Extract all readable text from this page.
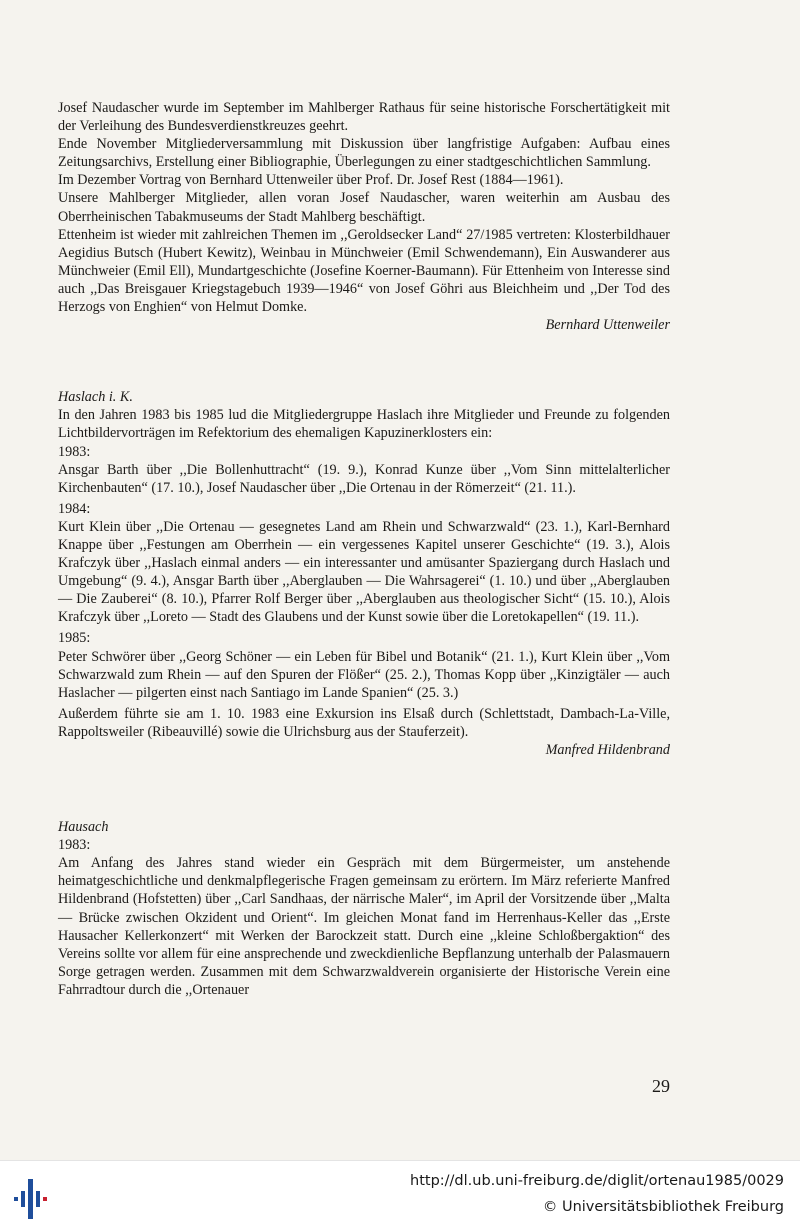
Josef Naudascher wurde im September im Mahlberger Rathaus für seine historische Forschertätigkeit mit der Verleihung des Bundesverdienstkreuzes geehrt.

Ende November Mitgliederversammlung mit Diskussion über langfristige Aufgaben: Aufbau eines Zeitungsarchivs, Erstellung einer Bibliographie, Überlegungen zu einer stadtgeschichtlichen Sammlung.

Im Dezember Vortrag von Bernhard Uttenweiler über Prof. Dr. Josef Rest (1884—1961).

Unsere Mahlberger Mitglieder, allen voran Josef Naudascher, waren weiterhin am Ausbau des Oberrheinischen Tabakmuseums der Stadt Mahlberg beschäftigt.

Ettenheim ist wieder mit zahlreichen Themen im ,,Geroldsecker Land“ 27/1985 vertreten: Klosterbildhauer Aegidius Butsch (Hubert Kewitz), Weinbau in Münchweier (Emil Schwendemann), Ein Auswanderer aus Münchweier (Emil Ell), Mundartgeschichte (Josefine Koerner-Baumann). Für Ettenheim von Interesse sind auch ,,Das Breisgauer Kriegstagebuch 1939—1946“ von Josef Göhri aus Bleichheim und ,,Der Tod des Herzogs von Enghien“ von Helmut Domke.

Bernhard Uttenweiler

Haslach i. K.

In den Jahren 1983 bis 1985 lud die Mitgliedergruppe Haslach ihre Mitglieder und Freunde zu folgenden Lichtbildervorträgen im Refektorium des ehemaligen Kapuzinerklosters ein:

1983:

Ansgar Barth über ,,Die Bollenhuttracht“ (19. 9.), Konrad Kunze über ,,Vom Sinn mittelalterlicher Kirchenbauten“ (17. 10.), Josef Naudascher über ,,Die Ortenau in der Römerzeit“ (21. 11.).

1984:

Kurt Klein über ,,Die Ortenau — gesegnetes Land am Rhein und Schwarzwald“ (23. 1.), Karl-Bernhard Knappe über ,,Festungen am Oberrhein — ein vergessenes Kapitel unserer Geschichte“ (19. 3.), Alois Krafczyk über ,,Haslach einmal anders — ein interessanter und amüsanter Spaziergang durch Haslach und Umgebung“ (9. 4.), Ansgar Barth über ,,Aberglauben — Die Wahrsagerei“ (1. 10.) und über ,,Aberglauben — Die Zauberei“ (8. 10.), Pfarrer Rolf Berger über ,,Aberglauben aus theologischer Sicht“ (15. 10.), Alois Krafczyk über ,,Loreto — Stadt des Glaubens und der Kunst sowie über die Loretokapellen“ (19. 11.).

1985:

Peter Schwörer über ,,Georg Schöner — ein Leben für Bibel und Botanik“ (21. 1.), Kurt Klein über ,,Vom Schwarzwald zum Rhein — auf den Spuren der Flößer“ (25. 2.), Thomas Kopp über ,,Kinzigtäler — auch Haslacher — pilgerten einst nach Santiago im Lande Spanien“ (25. 3.)

Außerdem führte sie am 1. 10. 1983 eine Exkursion ins Elsaß durch (Schlettstadt, Dambach-La-Ville, Rappoltsweiler (Ribeauvillé) sowie die Ulrichsburg aus der Stauferzeit).

Manfred Hildenbrand

Hausach

1983:

Am Anfang des Jahres stand wieder ein Gespräch mit dem Bürgermeister, um anstehende heimatgeschichtliche und denkmalpflegerische Fragen gemeinsam zu erörtern. Im März referierte Manfred Hildenbrand (Hofstetten) über ,,Carl Sandhaas, der närrische Maler“, im April der Vorsitzende über ,,Malta — Brücke zwischen Okzident und Orient“. Im gleichen Monat fand im Herrenhaus-Keller das ,,Erste Hausacher Kellerkonzert“ mit Werken der Barockzeit statt. Durch eine ,,kleine Schloßbergaktion“ des Vereins sollte vor allem für eine ansprechende und zweckdienliche Bepflanzung unterhalb der Palasmauern Sorge getragen werden. Zusammen mit dem Schwarzwaldverein organisierte der Historische Verein eine Fahrradtour durch die ,,Ortenauer

29
http://dl.ub.uni-freiburg.de/diglit/ortenau1985/0029
© Universitätsbibliothek Freiburg
